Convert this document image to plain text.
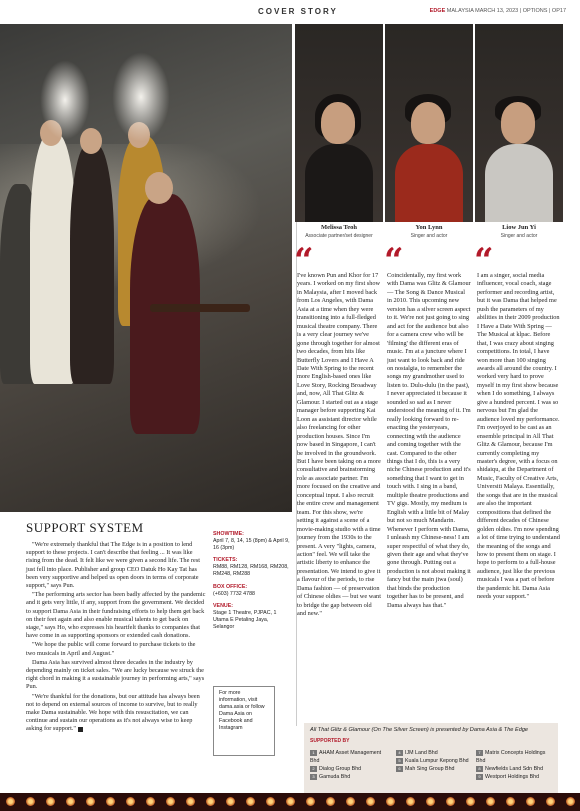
COVER STORY	EDGE MALAYSIA MARCH 13, 2023 | OPTIONS | OP17
Melissa Teoh
Associate partner/set designer
Yon Lynn
Singer and actor
Liow Jun Yi
Singer and actor
“ “ “
I've known Pun and Khor for 17 years. I worked on my first show in Malaysia, after I moved back from Los Angeles, with Dama Asia at a time when they were transitioning into a full-fledged musical theatre company. There is a very clear journey we've gone through together for almost two decades, from hits like Butterfly Lovers and I Have A Date With Spring to the recent more English-based ones like Love Story, Rocking Broadway and, now, All That Glitz & Glamour. I started out as a stage manager before supporting Kai Loon as assistant director while also freelancing for other production houses. Since I'm now based in Singapore, I can't be involved in the groundwork. But I have been taking on a more consultative and brainstorming role as associate partner. I'm more focused on the creative and conceptual input. I also recruit the entire crew and management team. For this show, we're setting it against a scene of a movie-making studio with a time journey from the 1930s to the present. A very "lights, camera, action" feel. We will take the artistic liberty to enhance the presentation. We intend to give it a flavour of the periods, to rise Dama fashion — of preservation of Chinese oldies — but we want to bridge the gap between old and new."
Coincidentally, my first work with Dama was Glitz & Glamour — The Song & Dance Musical in 2010. This upcoming new version has a silver screen aspect to it. We're not just going to sing and act for the audience but also for a camera crew who will be 'filming' the different eras of music. I'm at a juncture where I just want to look back and ride on nostalgia, to remember the songs my grandmother used to listen to. Dulu-dulu (in the past), I never appreciated it because it sounded so sad as I never understood the meaning of it. I'm really looking forward to re-enacting the yesteryears, connecting with the audience and coming together with the cast. Compared to the other things that I do, this is a very niche Chinese production and it's something that I want to get in touch with. I sing in a band, multiple theatre productions and TV gigs. Mostly, my medium is English with a little bit of Malay but not so much Mandarin. Whenever I perform with Dama, I unleash my Chinese-ness! I am super respectful of what they do, given their age and what they've gone through. Putting out a production is not about making it fancy but the main jiwa (soul) that binds the production together has to be present, and Dama always has that."
I am a singer, social media influencer, vocal coach, stage performer and recording artist, but it was Dama that helped me push the parameters of my abilities in their 2009 production I Have a Date With Spring — The Musical at klpac. Before that, I was crazy about singing competitions. In total, I have won more than 100 singing awards all around the country. I worked very hard to prove myself in my first show because when I do something, I always give a hundred percent. I was so nervous but I'm glad the audience loved my performance. I'm overjoyed to be cast as an ensemble principal in All That Glitz & Glamour, because I'm currently completing my master's degree, with a focus on shidaiqu, at the Department of Music, Faculty of Creative Arts, Universiti Malaya. Essentially, the songs that are in the musical are also the important compositions that defined the different decades of Chinese golden oldies. I'm now spending a lot of time trying to understand the meaning of the songs and how to present them on stage. I hope to perform to a full-house audience, just like the previous musicals I was a part of before the pandemic hit. Dama Asia needs your support."
SUPPORT SYSTEM

"We're extremely thankful that The Edge is in a position to lend support to these projects. I can't describe that feeling ... It was like rising from the dead. It felt like we were given a second life. The rest just fell into place. Publisher and group CEO Datuk Ho Kay Tat has been very supportive and helped us open doors in terms of corporate support," says Pun.

"The performing arts sector has been badly affected by the pandemic and it gets very little, if any, support from the government. We decided to support Dama Asia in their fundraising efforts to help them get back on their feet again and also enable musical talents to get back on stage," says Ho, who expresses his heartfelt thanks to companies that have come in as supporting sponsors or extended cash donations.

"We hope the public will come forward to purchase tickets to the two musicals in April and August."

Dama Asia has survived almost three decades in the industry by depending mainly on ticket sales. "We are lucky because we struck the right chord in making it a sustainable journey in performing arts," says Pun.

"We're thankful for the donations, but our attitude has always been not to depend on external sources of income to survive, but to really make Dama sustainable. We hope with this resuscitation, we can continue and sustain our operations as it's not always wise to keep asking for support."

SHOWTIME:
April 7, 8, 14, 15 (8pm) & April 9, 16 (3pm)
TICKETS:
RM88, RM128, RM168, RM208, RM248, RM288
BOX OFFICE:
(+603) 7732 4788
VENUE:
Stage 1 Theatre, PJPAC, 1 Utama E Petaling Jaya, Selangor
For more information, visit dama.asia or follow Dama Asia on Facebook and Instagram	All That Glitz & Glamour (On The Silver Screen) is presented by Dama Asia & The Edge
SUPPORTED BY
1 AHAM Asset Management Bhd
2 Dialog Group Bhd
3 Gamuda Bhd
4 IJM Land Bhd
5 Kuala Lumpur Kepong Bhd
6 Mah Sing Group Bhd
7 Matrix Concepts Holdings Bhd
8 Newfields Land Sdn Bhd
9 Westport Holdings Bhd
